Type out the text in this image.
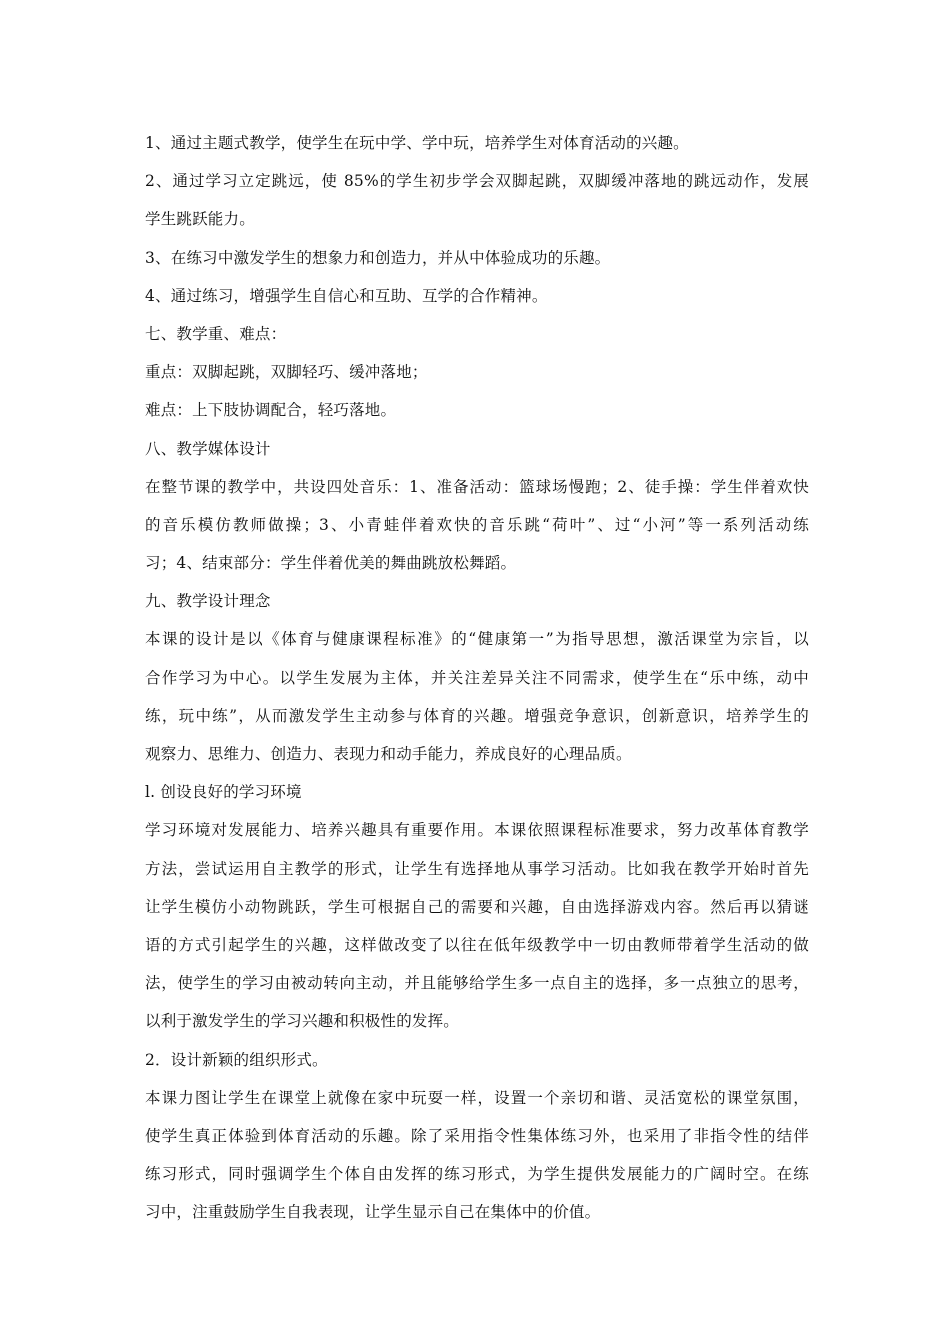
1、通过主题式教学，使学生在玩中学、学中玩，培养学生对体育活动的兴趣。
2、通过学习立定跳远，使 85%的学生初步学会双脚起跳，双脚缓冲落地的跳远动作，发展
学生跳跃能力。
3、在练习中激发学生的想象力和创造力，并从中体验成功的乐趣。
4、通过练习，增强学生自信心和互助、互学的合作精神。
七、教学重、难点：
重点：双脚起跳，双脚轻巧、缓冲落地；
难点：上下肢协调配合，轻巧落地。
八、教学媒体设计
在整节课的教学中，共设四处音乐：1、准备活动：篮球场慢跑；2、徒手操：学生伴着欢快
的音乐模仿教师做操；3、小青蛙伴着欢快的音乐跳“荷叶”、过“小河”等一系列活动练
习；4、结束部分：学生伴着优美的舞曲跳放松舞蹈。
九、教学设计理念
本课的设计是以《体育与健康课程标准》的“健康第一”为指导思想，激活课堂为宗旨，以
合作学习为中心。以学生发展为主体，并关注差异关注不同需求，使学生在“乐中练，动中
练，玩中练”，从而激发学生主动参与体育的兴趣。增强竞争意识，创新意识，培养学生的
观察力、思维力、创造力、表现力和动手能力，养成良好的心理品质。
l. 创设良好的学习环境
学习环境对发展能力、培养兴趣具有重要作用。本课依照课程标准要求，努力改革体育教学
方法，尝试运用自主教学的形式，让学生有选择地从事学习活动。比如我在教学开始时首先
让学生模仿小动物跳跃，学生可根据自己的需要和兴趣，自由选择游戏内容。然后再以猜谜
语的方式引起学生的兴趣，这样做改变了以往在低年级教学中一切由教师带着学生活动的做
法，使学生的学习由被动转向主动，并且能够给学生多一点自主的选择，多一点独立的思考，
以利于激发学生的学习兴趣和积极性的发挥。
2．设计新颖的组织形式。
本课力图让学生在课堂上就像在家中玩耍一样，设置一个亲切和谐、灵活宽松的课堂氛围，
使学生真正体验到体育活动的乐趣。除了采用指令性集体练习外，也采用了非指令性的结伴
练习形式，同时强调学生个体自由发挥的练习形式，为学生提供发展能力的广阔时空。在练
习中，注重鼓励学生自我表现，让学生显示自己在集体中的价值。
